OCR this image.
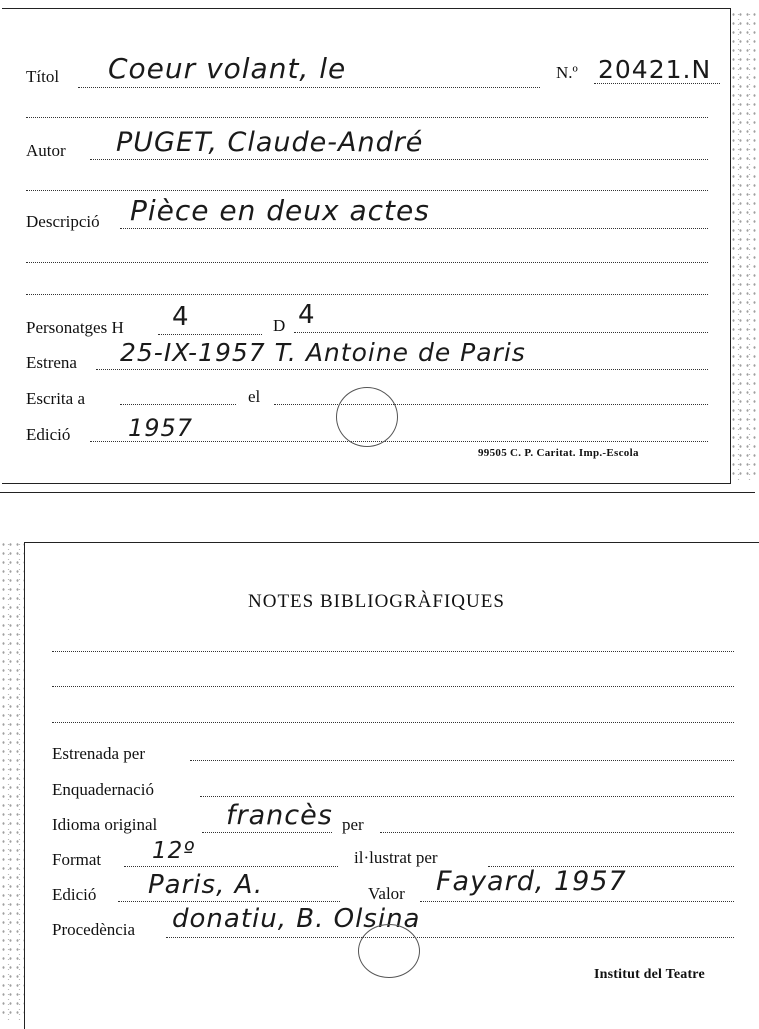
Títol Coeur volant, le	N.º 20421.N
Autor PUGET, Claude-André
Descripció Pièce en deux actes
Personatges H 4	D 4
Estrena 25-IX-1957 T. Antoine de Paris
Escrita a	el
Edició 1957
99505 C. P. Caritat. Imp.-Escola
NOTES BIBLIOGRÀFIQUES
Estrenada per
Enquadernació
Idioma original	francès per
Format 12º	il·lustrat per
Edició Paris, A.	Valor Fayard, 1957
Procedència donatiu, B. Olsina
Institut del Teatre
